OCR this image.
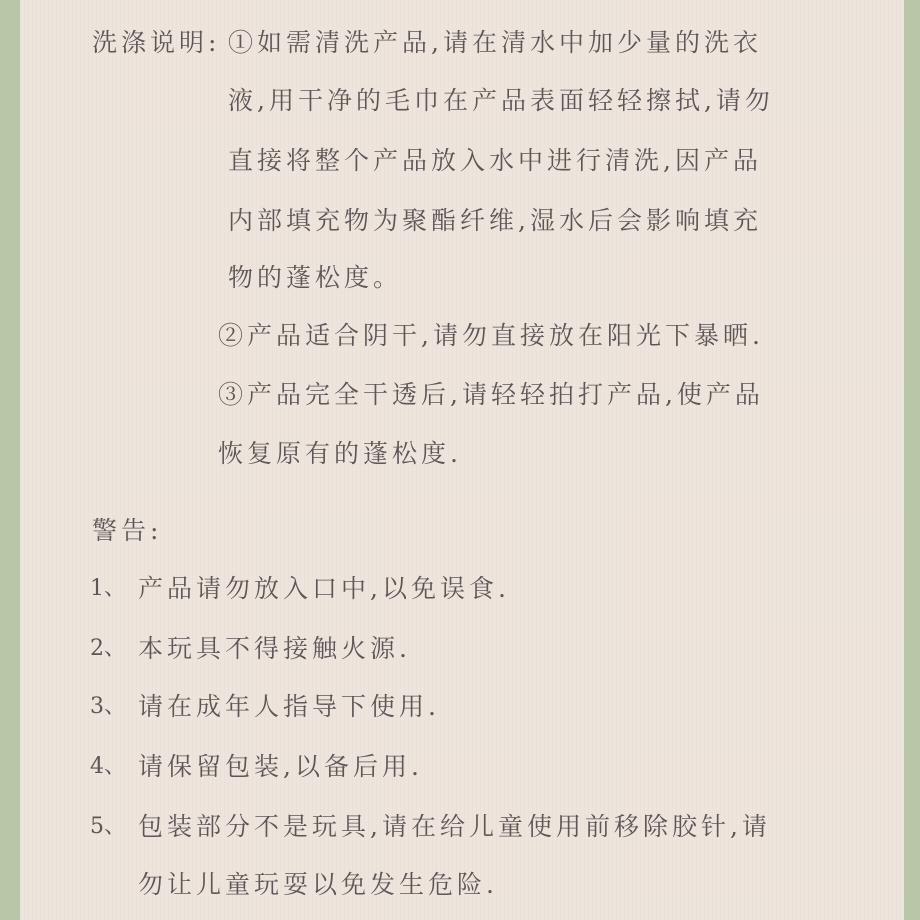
洗涤说明: ①如需清洗产品,请在清水中加少量的洗衣
液,用干净的毛巾在产品表面轻轻擦拭,请勿
直接将整个产品放入水中进行清洗,因产品
内部填充物为聚酯纤维,湿水后会影响填充
物的蓬松度。
②产品适合阴干,请勿直接放在阳光下暴晒.
③产品完全干透后,请轻轻拍打产品,使产品
恢复原有的蓬松度.
警告:
1、 产品请勿放入口中,以免误食.
2、 本玩具不得接触火源.
3、 请在成年人指导下使用.
4、 请保留包装,以备后用.
5、 包装部分不是玩具,请在给儿童使用前移除胶针,请
勿让儿童玩耍以免发生危险.
